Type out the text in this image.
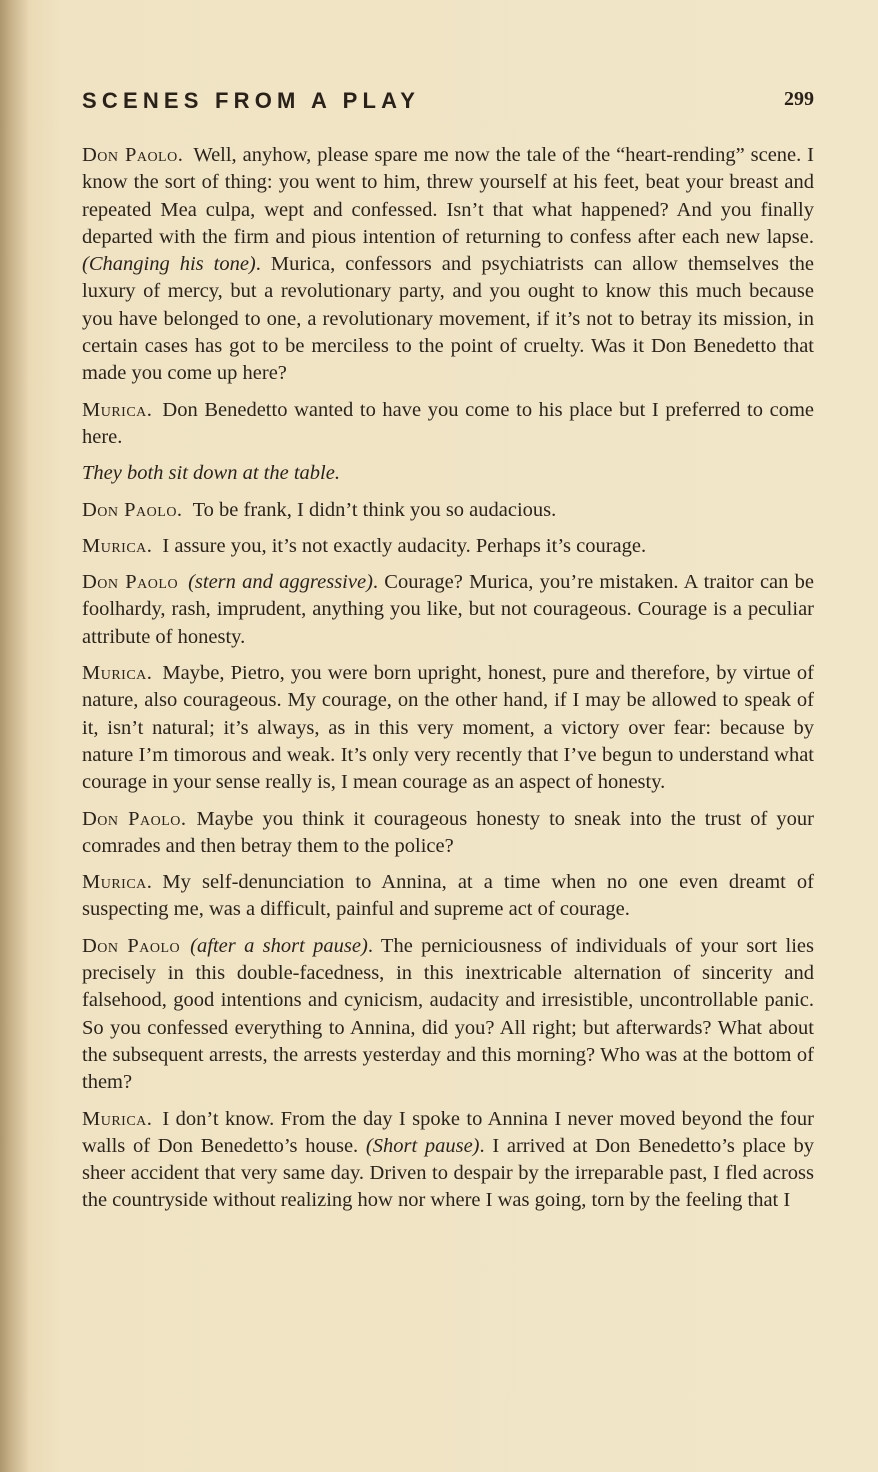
SCENES FROM A PLAY	299

Don Paolo. Well, anyhow, please spare me now the tale of the “heart-rending” scene. I know the sort of thing: you went to him, threw yourself at his feet, beat your breast and repeated Mea culpa, wept and confessed. Isn’t that what happened? And you finally departed with the firm and pious intention of returning to confess after each new lapse. (Changing his tone). Murica, confessors and psychiatrists can allow themselves the luxury of mercy, but a revolutionary party, and you ought to know this much because you have belonged to one, a revolutionary movement, if it’s not to betray its mission, in certain cases has got to be merciless to the point of cruelty. Was it Don Benedetto that made you come up here?

Murica. Don Benedetto wanted to have you come to his place but I preferred to come here.

They both sit down at the table.

Don Paolo. To be frank, I didn’t think you so audacious.

Murica. I assure you, it’s not exactly audacity. Perhaps it’s courage.

Don Paolo (stern and aggressive). Courage? Murica, you’re mistaken. A traitor can be foolhardy, rash, imprudent, anything you like, but not courageous. Courage is a peculiar attribute of honesty.

Murica. Maybe, Pietro, you were born upright, honest, pure and therefore, by virtue of nature, also courageous. My courage, on the other hand, if I may be allowed to speak of it, isn’t natural; it’s always, as in this very moment, a victory over fear: because by nature I’m timorous and weak. It’s only very recently that I’ve begun to understand what courage in your sense really is, I mean courage as an aspect of honesty.

Don Paolo. Maybe you think it courageous honesty to sneak into the trust of your comrades and then betray them to the police?

Murica. My self-denunciation to Annina, at a time when no one even dreamt of suspecting me, was a difficult, painful and supreme act of courage.

Don Paolo (after a short pause). The perniciousness of individuals of your sort lies precisely in this double-facedness, in this inextricable alternation of sincerity and falsehood, good intentions and cynicism, audacity and irresistible, uncontrollable panic. So you confessed everything to Annina, did you? All right; but afterwards? What about the subsequent arrests, the arrests yesterday and this morning? Who was at the bottom of them?

Murica. I don’t know. From the day I spoke to Annina I never moved beyond the four walls of Don Benedetto’s house. (Short pause). I arrived at Don Benedetto’s place by sheer accident that very same day. Driven to despair by the irreparable past, I fled across the countryside without realizing how nor where I was going, torn by the feeling that I
